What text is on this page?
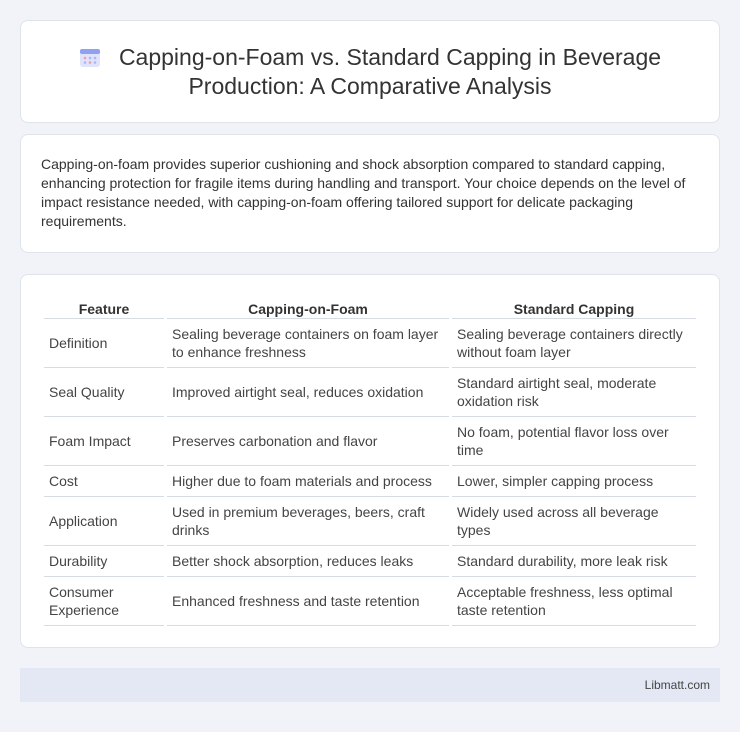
Capping-on-Foam vs. Standard Capping in Beverage Production: A Comparative Analysis

Capping-on-foam provides superior cushioning and shock absorption compared to standard capping, enhancing protection for fragile items during handling and transport. Your choice depends on the level of impact resistance needed, with capping-on-foam offering tailored support for delicate packaging requirements.

Feature	Capping-on-Foam	Standard Capping
Definition	Sealing beverage containers on foam layer to enhance freshness	Sealing beverage containers directly without foam layer
Seal Quality	Improved airtight seal, reduces oxidation	Standard airtight seal, moderate oxidation risk
Foam Impact	Preserves carbonation and flavor	No foam, potential flavor loss over time
Cost	Higher due to foam materials and process	Lower, simpler capping process
Application	Used in premium beverages, beers, craft drinks	Widely used across all beverage types
Durability	Better shock absorption, reduces leaks	Standard durability, more leak risk
Consumer Experience	Enhanced freshness and taste retention	Acceptable freshness, less optimal taste retention
Libmatt.com
